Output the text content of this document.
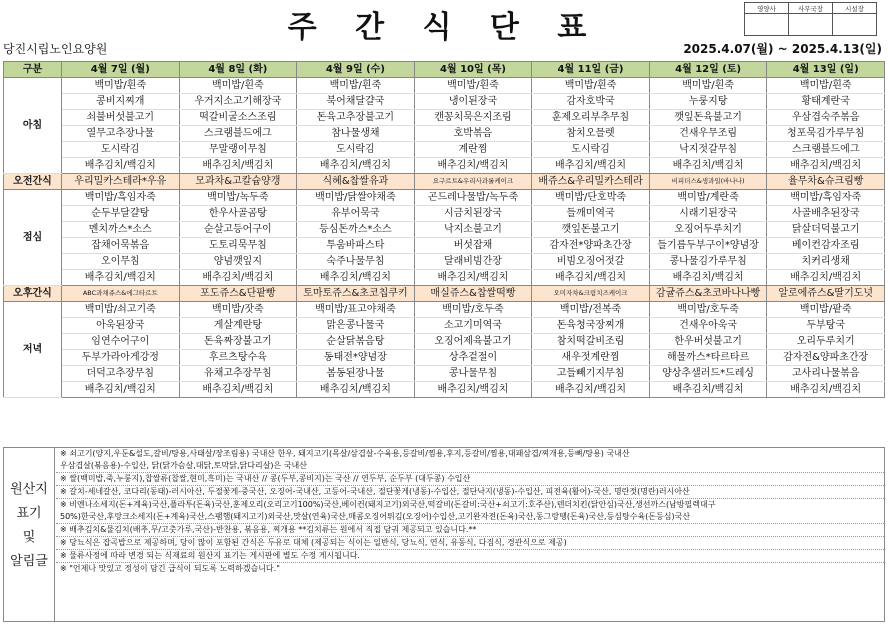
주 간 식 단 표
영양사	사무국장	시설장

당진시립노인요양원	2025.4.07(월) ~ 2025.4.13(일)
구분	4월 7일 (월)	4월 8일 (화)	4월 9일 (수)	4월 10일 (목)	4월 11일 (금)	4월 12일 (토)	4월 13일 (일)
아침	백미밥/흰죽	백미밥/흰죽	백미밥/흰죽	백미밥/흰죽	백미밥/흰죽	백미밥/흰죽	백미밥/흰죽
	콩비지찌개	우거지소고기해장국	북어채달걀국	냉이된장국	감자호박국	누룽지탕	황태계란국
	쇠불버섯불고기	떡갈비굴소스조림	돈육고추장불고기	캔꽁치묵은지조림	훈제오리부추무침	깻잎돈육불고기	우삼겹숙주볶음
	열무고추장나물	스크램블드에그	참나물생채	호박볶음	참치오믈렛	건새우무조림	청포묵김가루무침
	도시락김	무말랭이무침	도시락김	계란찜	도시락김	낙지젓갈무침	스크램블드에그
	배추김치/백김치	배추김치/백김치	배추김치/백김치	배추김치/백김치	배추김치/백김치	배추김치/백김치	배추김치/백김치
오전간식	우리밀카스테라*우유	모과차&고칼슘양갱	식혜&찹쌀유과	요구르트&우리사과롤케이크	배쥬스&우리밀카스테라	비피더스&생과일(바나나)	율무차&슈크림빵
점심	백미밥/흑임자죽	백미밥/녹두죽	백미밥/닭쌀야채죽	곤드레나물밥/녹두죽	백미밥/단호박죽	백미밥/계란죽	백미밥/흑임자죽
	순두부달걀탕	한우사골곰탕	유부어묵국	시금치된장국	들깨미역국	시래기된장국	사골배추된장국
	멘치까스*소스	순살고등어구이	등심돈까스*소스	낙지소불고기	깻잎돈불고기	오징어두루치기	닭살더덕불고기
	잡채어묵볶음	도토리묵무침	투움바파스타	버섯잡채	감자전*양파초간장	들기름두부구이*양념장	베이컨감자조림
	오이무침	양념깻잎지	숙주나물무침	달래비빔간장	비빔오징어젓갈	콩나물김가루무침	치커리생채
	배추김치/백김치	배추김치/백김치	배추김치/백김치	배추김치/백김치	배추김치/백김치	배추김치/백김치	배추김치/백김치
오후간식	ABC과채쥬스&에그타르트	포도쥬스&단팥빵	토마토쥬스&초코칩쿠키	매실쥬스&찹쌀떡빵	오미자차&크림치즈케이크	감귤쥬스&초코바나나빵	알로에쥬스&딸기도넛
저녁	백미밥/쇠고기죽	백미밥/잣죽	백미밥/표고야채죽	백미밥/호두죽	백미밥/전복죽	백미밥/호두죽	백미밥/팥죽
	아욱된장국	게살계란탕	맑은콩나물국	소고기미역국	돈육청국장찌개	건새우아욱국	두부탕국
	임연수어구이	돈육짜장불고기	순살닭볶음탕	오징어제육불고기	참치떡갈비조림	한우버섯불고기	오리두루치기
	두부가라아게강정	후르츠탕수육	동태전*양념장	상추겉절이	새우젓계란찜	해물까스*타르타르	감자전&양파초간장
	더덕고추장무침	유채고추장무침	봄동된장나물	콩나물무침	고들빼기지무침	양상추샐러드*드레싱	고사리나물볶음
	배추김치/백김치	배추김치/백김치	배추김치/백김치	배추김치/백김치	배추김치/백김치	배추김치/백김치	배추김치/백김치
원산지
표기
및
알림글
※ 쇠고기(양지,우둔&설도,갈비/탕용,사태살/장조림용) 국내산 한우, 돼지고기(목살/삼겹살-수육용,등갈비/찜용,후지,등갈비/찜용,대패삼겹/찌개용,등뼈/탕용) 국내산
우삼겹살(볶음용)-수입산, 닭(닭가슴살,대닭,토막닭,닭다리살)은 국내산
※ 쌀(백미밥,죽,누룽지),찹쌀류(찹쌀,현미,흑미)는 국내산 // 콩(두부,콩비지)는 국산 // 연두부, 순두부 (대두콩) 수입산
※ 갈치-세네갈산, 코다리(동태)-러시아산, 두절꽃게-중국산, 오징어-국내산, 고등어-국내산, 절단꽃게(냉동)-수입산, 절단낙지(냉동)-수입산, 피전육(활어)-국산, 명란젓(명란)러시아산
※ 비엔나소세지(돈+계육)국산,플라투(돈육)국산,훈제오리(오리고기100%)국산,베이컨(돼지고기)외국산,떡갈비(돈갈비:국산+쇠고기:호주산),텐더치킨(닭안심)국산,생선까스(남방필렉대구
50%)한국산,후랑크소세지(돈+계육)국산,스팸햄(돼지고기)외국산,맛살(연육)국산,매콤오징어튀김(오징어)수입산,고기완자전(돈육)국산,동그랑땡(돈육)국산,등심탕수육(돈등심)국산
※ 배추김치&물김치(배추,무/고춧가루,국산)-반찬용, 볶음용, 찌개용 **김치류는 원에서 직접 담궈 제공되고 있습니다.**
※ 당뇨식은 잡곡밥으로 제공하며, 당이 많이 포함된 간식은 두유로 대체 (제공되는 식이는 일반식, 당뇨식, 연식, 유동식, 다짐식, 경관식으로 제공)
※ 물류사정에 따라 변경 되는 식재료의 원산지 표기는 게시판에 별도 수정 게시됩니다.
※ "언제나 맛있고 정성이 담긴 급식이 되도록 노력하겠습니다."
